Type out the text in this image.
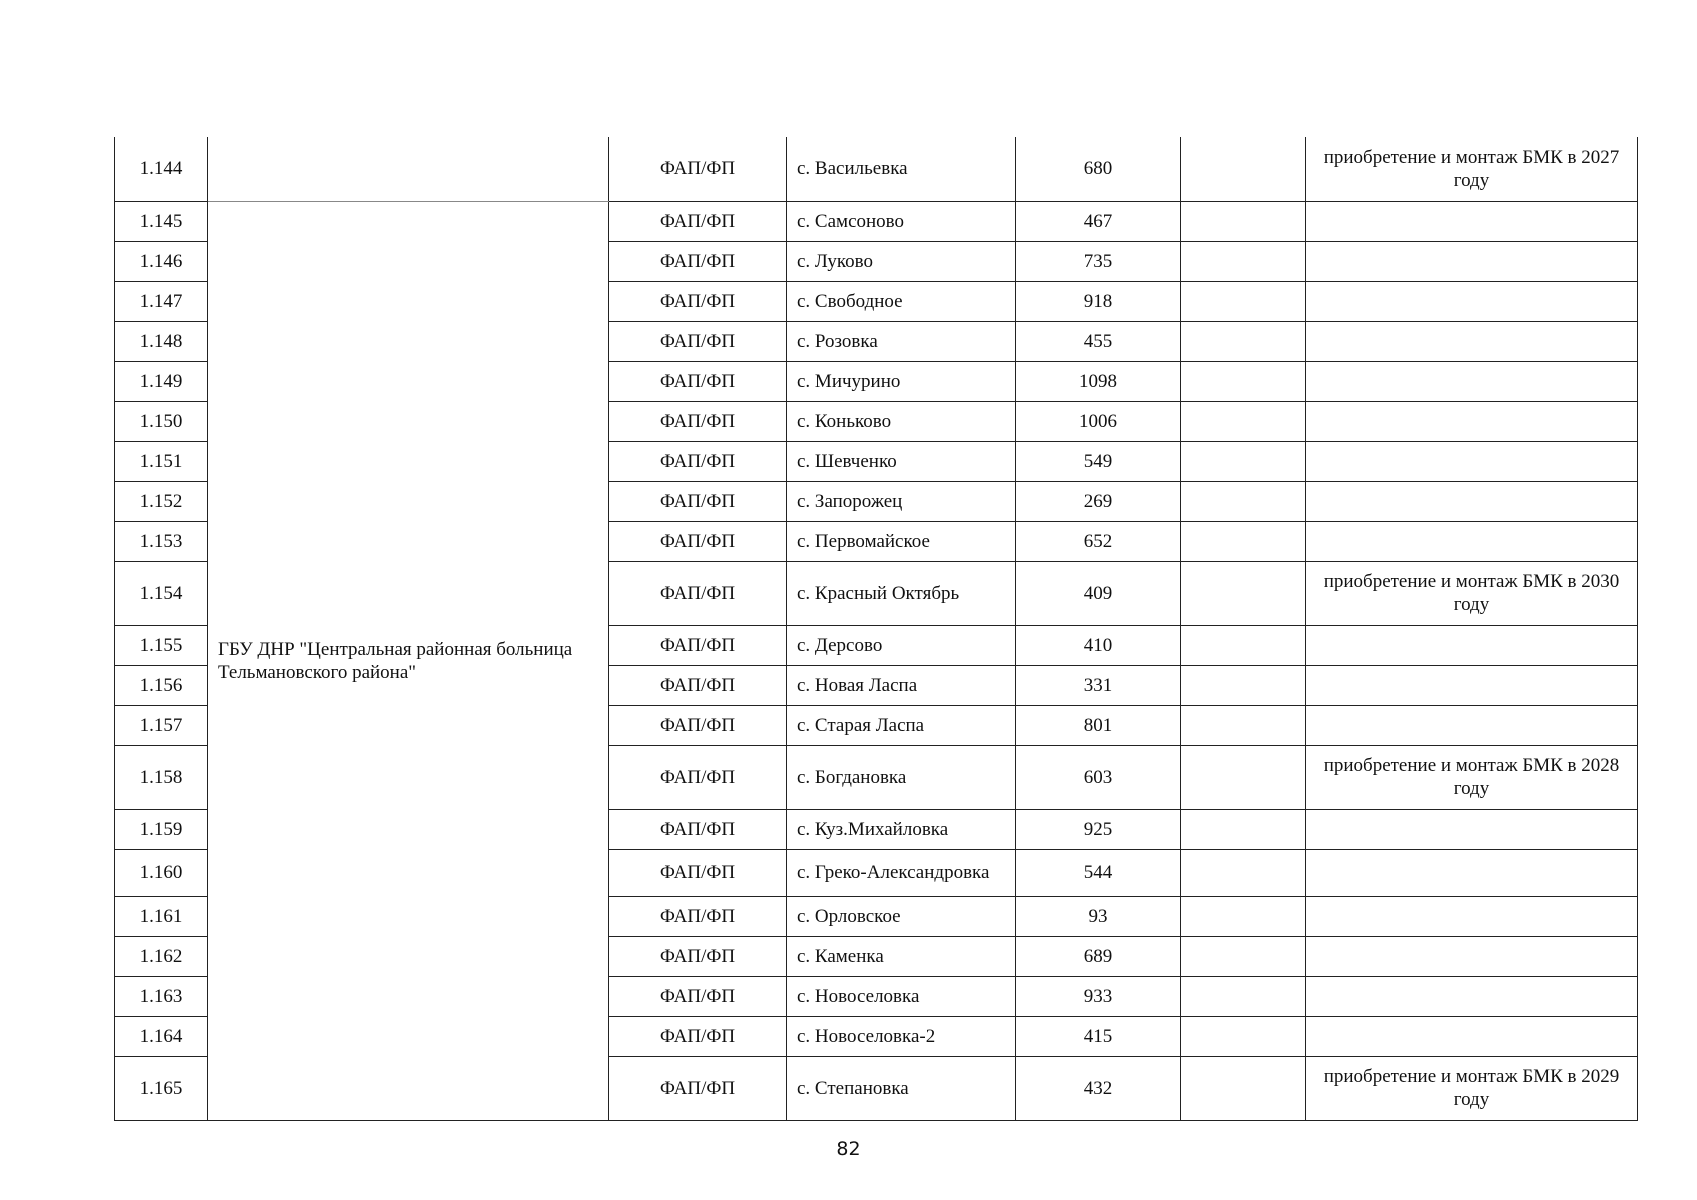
1.144		ФАП/ФП	с. Васильевка	680		приобретение и монтаж БМК в 2027 году
1.145	ГБУ ДНР "Центральная районная больница Тельмановского района"	ФАП/ФП	с. Самсоново	467		
1.146		ФАП/ФП	с. Луково	735		
1.147		ФАП/ФП	с. Свободное	918		
1.148		ФАП/ФП	с. Розовка	455		
1.149		ФАП/ФП	с. Мичурино	1098		
1.150		ФАП/ФП	с. Коньково	1006		
1.151		ФАП/ФП	с. Шевченко	549		
1.152		ФАП/ФП	с. Запорожец	269		
1.153		ФАП/ФП	с. Первомайское	652		
1.154		ФАП/ФП	с. Красный Октябрь	409		приобретение и монтаж БМК в 2030 году
1.155		ФАП/ФП	с. Дерсово	410		
1.156		ФАП/ФП	с. Новая Ласпа	331		
1.157		ФАП/ФП	с. Старая Ласпа	801		
1.158		ФАП/ФП	с. Богдановка	603		приобретение и монтаж БМК в 2028 году
1.159		ФАП/ФП	с. Куз.Михайловка	925		
1.160		ФАП/ФП	с. Греко-Александровка	544		
1.161		ФАП/ФП	с. Орловское	93		
1.162		ФАП/ФП	с. Каменка	689		
1.163		ФАП/ФП	с. Новоселовка	933		
1.164		ФАП/ФП	с. Новоселовка-2	415		
1.165		ФАП/ФП	с. Степановка	432		приобретение и монтаж БМК в 2029 году
82
